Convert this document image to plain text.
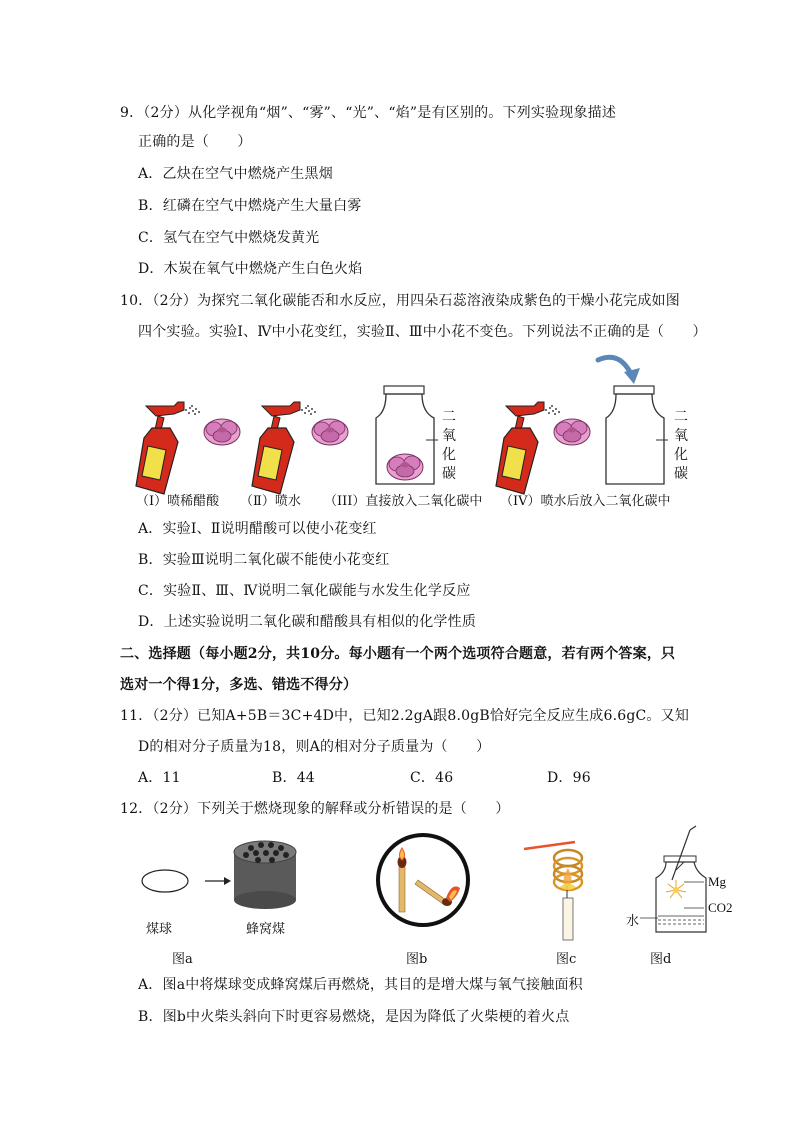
9．（2分）从化学视角“烟”、“雾”、“光”、“焰”是有区别的。下列实验现象描述
正确的是（　　）
A．乙炔在空气中燃烧产生黑烟
B．红磷在空气中燃烧产生大量白雾
C．氢气在空气中燃烧发黄光
D．木炭在氧气中燃烧产生白色火焰
10．（2分）为探究二氧化碳能否和水反应，用四朵石蕊溶液染成紫色的干燥小花完成如图
四个实验。实验Ⅰ、Ⅳ中小花变红，实验Ⅱ、Ⅲ中小花不变色。下列说法不正确的是（　　）
二
氧
化
碳
二
氧
化
碳
（I）喷稀醋酸 （Ⅱ）喷水 （III）直接放入二氧化碳中 （IV）喷水后放入二氧化碳中
A．实验Ⅰ、Ⅱ说明醋酸可以使小花变红
B．实验Ⅲ说明二氧化碳不能使小花变红
C．实验Ⅱ、Ⅲ、Ⅳ说明二氧化碳能与水发生化学反应
D．上述实验说明二氧化碳和醋酸具有相似的化学性质
二、选择题（每小题2分，共10分。每小题有一个两个选项符合题意，若有两个答案，只
选对一个得1分，多选、错选不得分）
11．（2分）已知A+5B＝3C+4D中，已知2.2gA跟8.0gB恰好完全反应生成6.6gC。又知
D的相对分子质量为18，则A的相对分子质量为（　　）
A．11	B．44	C．46	D．96
12．（2分）下列关于燃烧现象的解释或分析错误的是（　　）
煤球	蜂窝煤
Mg
CO2
水
图a	图b	图c	图d
A．图a中将煤球变成蜂窝煤后再燃烧，其目的是增大煤与氧气接触面积
B．图b中火柴头斜向下时更容易燃烧，是因为降低了火柴梗的着火点
